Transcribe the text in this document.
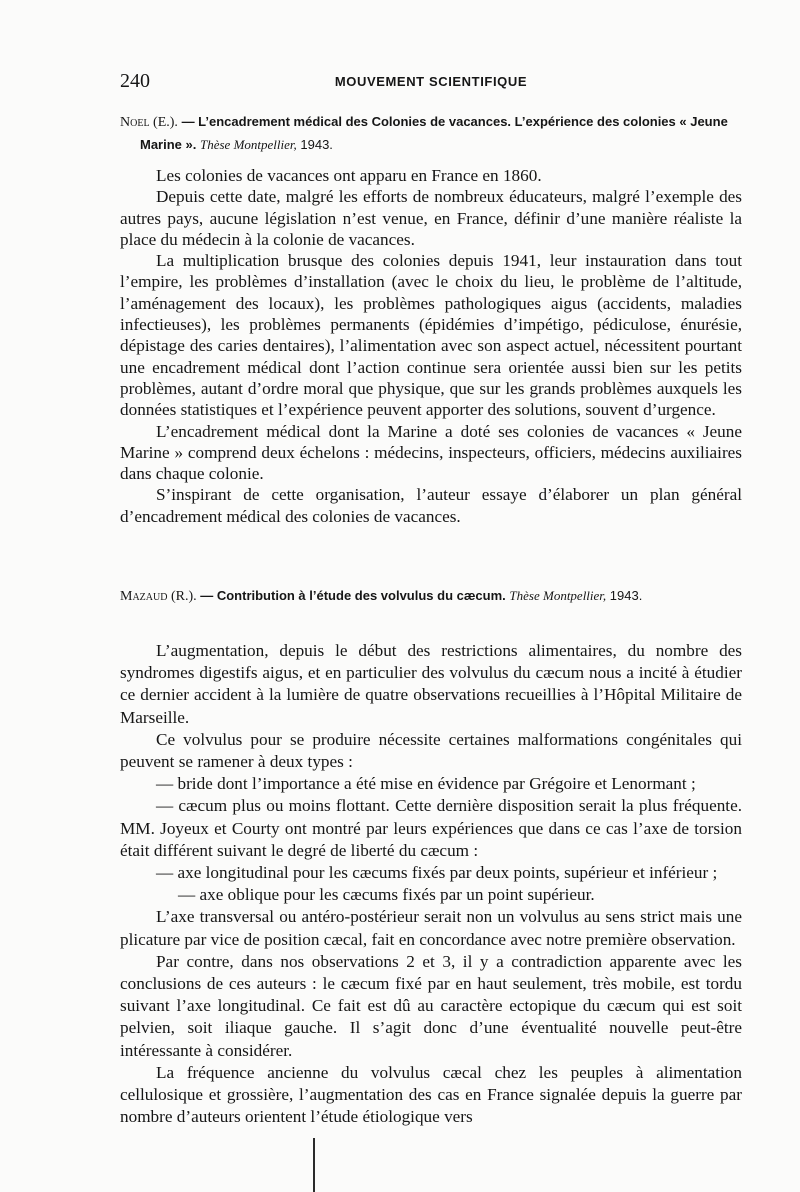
240	MOUVEMENT SCIENTIFIQUE
Noel (E.). — L’encadrement médical des Colonies de vacances. L’expérience des colonies « Jeune Marine ». Thèse Montpellier, 1943.

Les colonies de vacances ont apparu en France en 1860.

Depuis cette date, malgré les efforts de nombreux éducateurs, malgré l’exemple des autres pays, aucune législation n’est venue, en France, définir d’une manière réaliste la place du médecin à la colonie de vacances.

La multiplication brusque des colonies depuis 1941, leur instauration dans tout l’empire, les problèmes d’installation (avec le choix du lieu, le problème de l’altitude, l’aménagement des locaux), les problèmes pathologiques aigus (accidents, maladies infectieuses), les problèmes permanents (épidémies d’impétigo, pédiculose, énurésie, dépistage des caries dentaires), l’alimentation avec son aspect actuel, nécessitent pourtant une encadrement médical dont l’action continue sera orientée aussi bien sur les petits problèmes, autant d’ordre moral que physique, que sur les grands problèmes auxquels les données statistiques et l’expérience peuvent apporter des solutions, souvent d’urgence.

L’encadrement médical dont la Marine a doté ses colonies de vacances « Jeune Marine » comprend deux échelons : médecins, inspecteurs, officiers, médecins auxiliaires dans chaque colonie.

S’inspirant de cette organisation, l’auteur essaye d’élaborer un plan général d’encadrement médical des colonies de vacances.

Mazaud (R.). — Contribution à l’étude des volvulus du cæcum. Thèse Montpellier, 1943.

L’augmentation, depuis le début des restrictions alimentaires, du nombre des syndromes digestifs aigus, et en particulier des volvulus du cæcum nous a incité à étudier ce dernier accident à la lumière de quatre observations recueillies à l’Hôpital Militaire de Marseille.

Ce volvulus pour se produire nécessite certaines malformations congénitales qui peuvent se ramener à deux types :

— bride dont l’importance a été mise en évidence par Grégoire et Lenormant ;

— cæcum plus ou moins flottant. Cette dernière disposition serait la plus fréquente. MM. Joyeux et Courty ont montré par leurs expériences que dans ce cas l’axe de torsion était différent suivant le degré de liberté du cæcum :

— axe longitudinal pour les cæcums fixés par deux points, supérieur et inférieur ;

— axe oblique pour les cæcums fixés par un point supérieur.

L’axe transversal ou antéro-postérieur serait non un volvulus au sens strict mais une plicature par vice de position cæcal, fait en concordance avec notre première observation.

Par contre, dans nos observations 2 et 3, il y a contradiction apparente avec les conclusions de ces auteurs : le cæcum fixé par en haut seulement, très mobile, est tordu suivant l’axe longitudinal. Ce fait est dû au caractère ectopique du cæcum qui est soit pelvien, soit iliaque gauche. Il s’agit donc d’une éventualité nouvelle peut-être intéressante à considérer.

La fréquence ancienne du volvulus cæcal chez les peuples à alimentation cellulosique et grossière, l’augmentation des cas en France signalée depuis la guerre par nombre d’auteurs orientent l’étude étiologique vers
